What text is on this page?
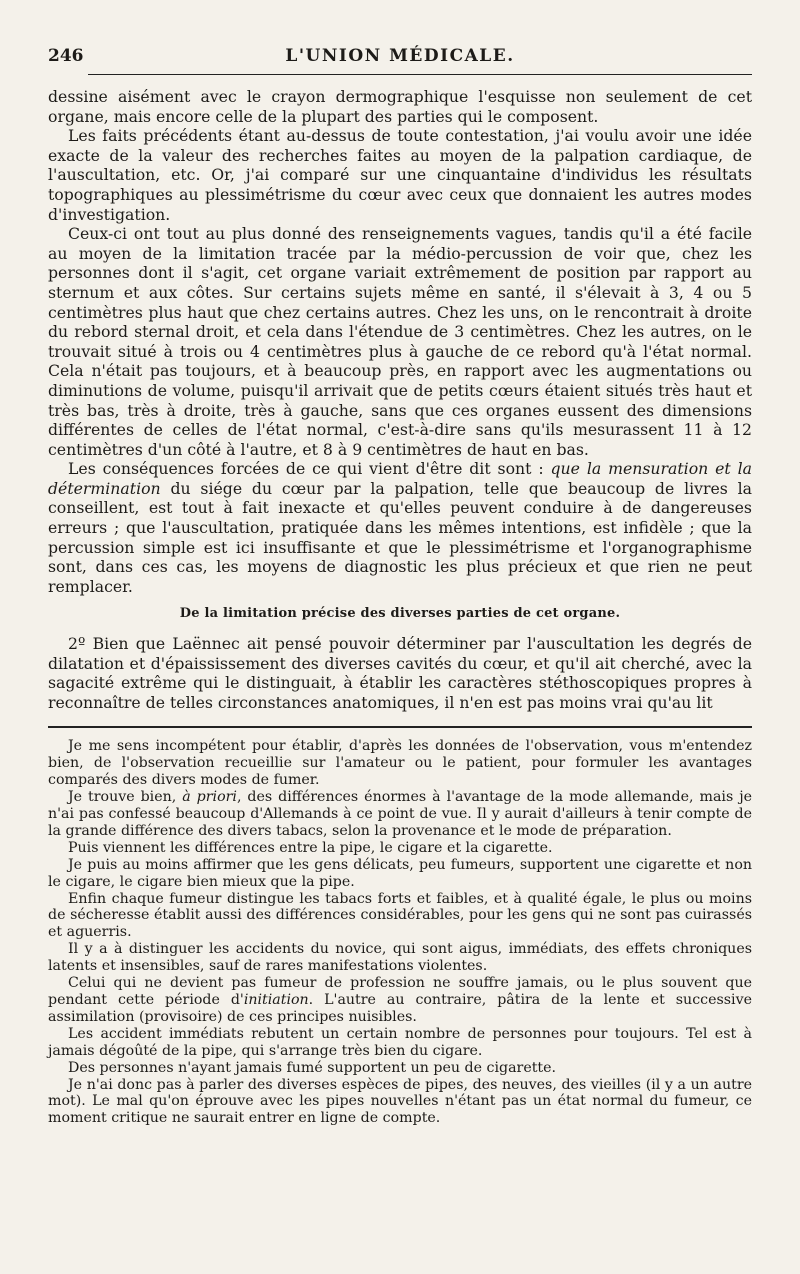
246	L'UNION MÉDICALE.

dessine aisément avec le crayon dermographique l'esquisse non seulement de cet organe, mais encore celle de la plupart des parties qui le composent.

Les faits précédents étant au-dessus de toute contestation, j'ai voulu avoir une idée exacte de la valeur des recherches faites au moyen de la palpation cardiaque, de l'auscultation, etc. Or, j'ai comparé sur une cinquantaine d'individus les résultats topographiques au plessimétrisme du cœur avec ceux que donnaient les autres modes d'investigation.

Ceux-ci ont tout au plus donné des renseignements vagues, tandis qu'il a été facile au moyen de la limitation tracée par la médio-percussion de voir que, chez les personnes dont il s'agit, cet organe variait extrêmement de position par rapport au sternum et aux côtes. Sur certains sujets même en santé, il s'élevait à 3, 4 ou 5 centimètres plus haut que chez certains autres. Chez les uns, on le rencontrait à droite du rebord sternal droit, et cela dans l'étendue de 3 centimètres. Chez les autres, on le trouvait situé à trois ou 4 centimètres plus à gauche de ce rebord qu'à l'état normal. Cela n'était pas toujours, et à beaucoup près, en rapport avec les augmentations ou diminutions de volume, puisqu'il arrivait que de petits cœurs étaient situés très haut et très bas, très à droite, très à gauche, sans que ces organes eussent des dimensions différentes de celles de l'état normal, c'est-à-dire sans qu'ils mesurassent 11 à 12 centimètres d'un côté à l'autre, et 8 à 9 centimètres de haut en bas.

Les conséquences forcées de ce qui vient d'être dit sont : que la mensuration et la détermination du siége du cœur par la palpation, telle que beaucoup de livres la conseillent, est tout à fait inexacte et qu'elles peuvent conduire à de dangereuses erreurs ; que l'auscultation, pratiquée dans les mêmes intentions, est infidèle ; que la percussion simple est ici insuffisante et que le plessimétrisme et l'organographisme sont, dans ces cas, les moyens de diagnostic les plus précieux et que rien ne peut remplacer.

De la limitation précise des diverses parties de cet organe.

2º Bien que Laënnec ait pensé pouvoir déterminer par l'auscultation les degrés de dilatation et d'épaississement des diverses cavités du cœur, et qu'il ait cherché, avec la sagacité extrême qui le distinguait, à établir les caractères stéthoscopiques propres à reconnaître de telles circonstances anatomiques, il n'en est pas moins vrai qu'au lit

Je me sens incompétent pour établir, d'après les données de l'observation, vous m'entendez bien, de l'observation recueillie sur l'amateur ou le patient, pour formuler les avantages comparés des divers modes de fumer.

Je trouve bien, à priori, des différences énormes à l'avantage de la mode allemande, mais je n'ai pas confessé beaucoup d'Allemands à ce point de vue. Il y aurait d'ailleurs à tenir compte de la grande différence des divers tabacs, selon la provenance et le mode de préparation.

Puis viennent les différences entre la pipe, le cigare et la cigarette.

Je puis au moins affirmer que les gens délicats, peu fumeurs, supportent une cigarette et non le cigare, le cigare bien mieux que la pipe.

Enfin chaque fumeur distingue les tabacs forts et faibles, et à qualité égale, le plus ou moins de sécheresse établit aussi des différences considérables, pour les gens qui ne sont pas cuirassés et aguerris.

Il y a à distinguer les accidents du novice, qui sont aigus, immédiats, des effets chroniques latents et insensibles, sauf de rares manifestations violentes.

Celui qui ne devient pas fumeur de profession ne souffre jamais, ou le plus souvent que pendant cette période d'initiation. L'autre au contraire, pâtira de la lente et successive assimilation (provisoire) de ces principes nuisibles.

Les accident immédiats rebutent un certain nombre de personnes pour toujours. Tel est à jamais dégoûté de la pipe, qui s'arrange très bien du cigare.

Des personnes n'ayant jamais fumé supportent un peu de cigarette.

Je n'ai donc pas à parler des diverses espèces de pipes, des neuves, des vieilles (il y a un autre mot). Le mal qu'on éprouve avec les pipes nouvelles n'étant pas un état normal du fumeur, ce moment critique ne saurait entrer en ligne de compte.
